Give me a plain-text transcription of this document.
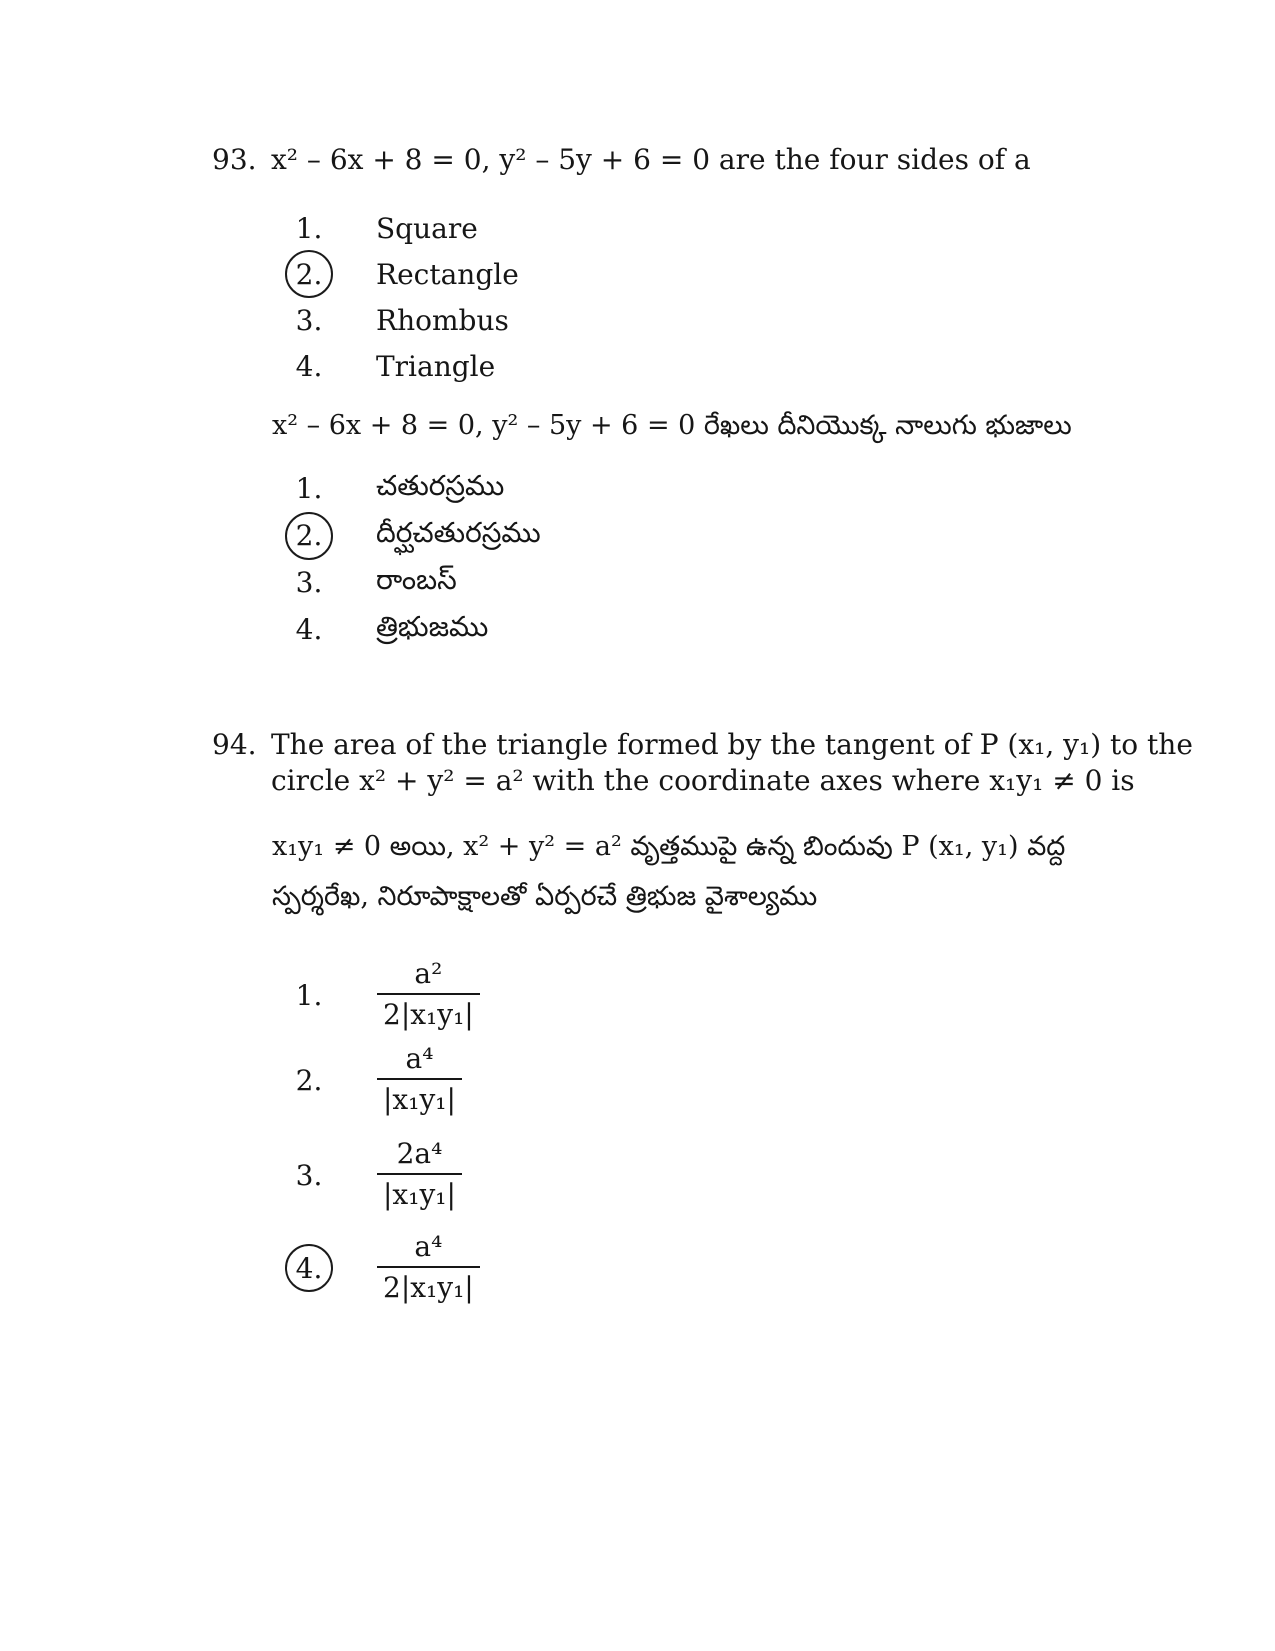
93. x² – 6x + 8 = 0, y² – 5y + 6 = 0 are the four sides of a
1.	Square
2.	Rectangle
3.	Rhombus
4.	Triangle
x² – 6x + 8 = 0, y² – 5y + 6 = 0 రేఖలు దీనియొక్క నాలుగు భుజాలు
1.	చతురస్రము
2.	దీర్ఘచతురస్రము
3.	రాంబస్
4.	త్రిభుజము
94. The area of the triangle formed by the tangent of P (x₁, y₁) to the
circle x² + y² = a² with the coordinate axes where x₁y₁ ≠ 0 is
x₁y₁ ≠ 0 అయి, x² + y² = a² వృత్తముపై ఉన్న బిందువు P (x₁, y₁) వద్ద
స్పర్శరేఖ, నిరూపాక్షాలతో ఏర్పరచే త్రిభుజ వైశాల్యము
1.	$\frac{\text{a²}}{\text{2|x₁y₁|}}$
2.	$\frac{\text{a⁴}}{\text{|x₁y₁|}}$
3.	$\frac{\text{2a⁴}}{\text{|x₁y₁|}}$
4.	$\frac{\text{a⁴}}{\text{2|x₁y₁|}}$
